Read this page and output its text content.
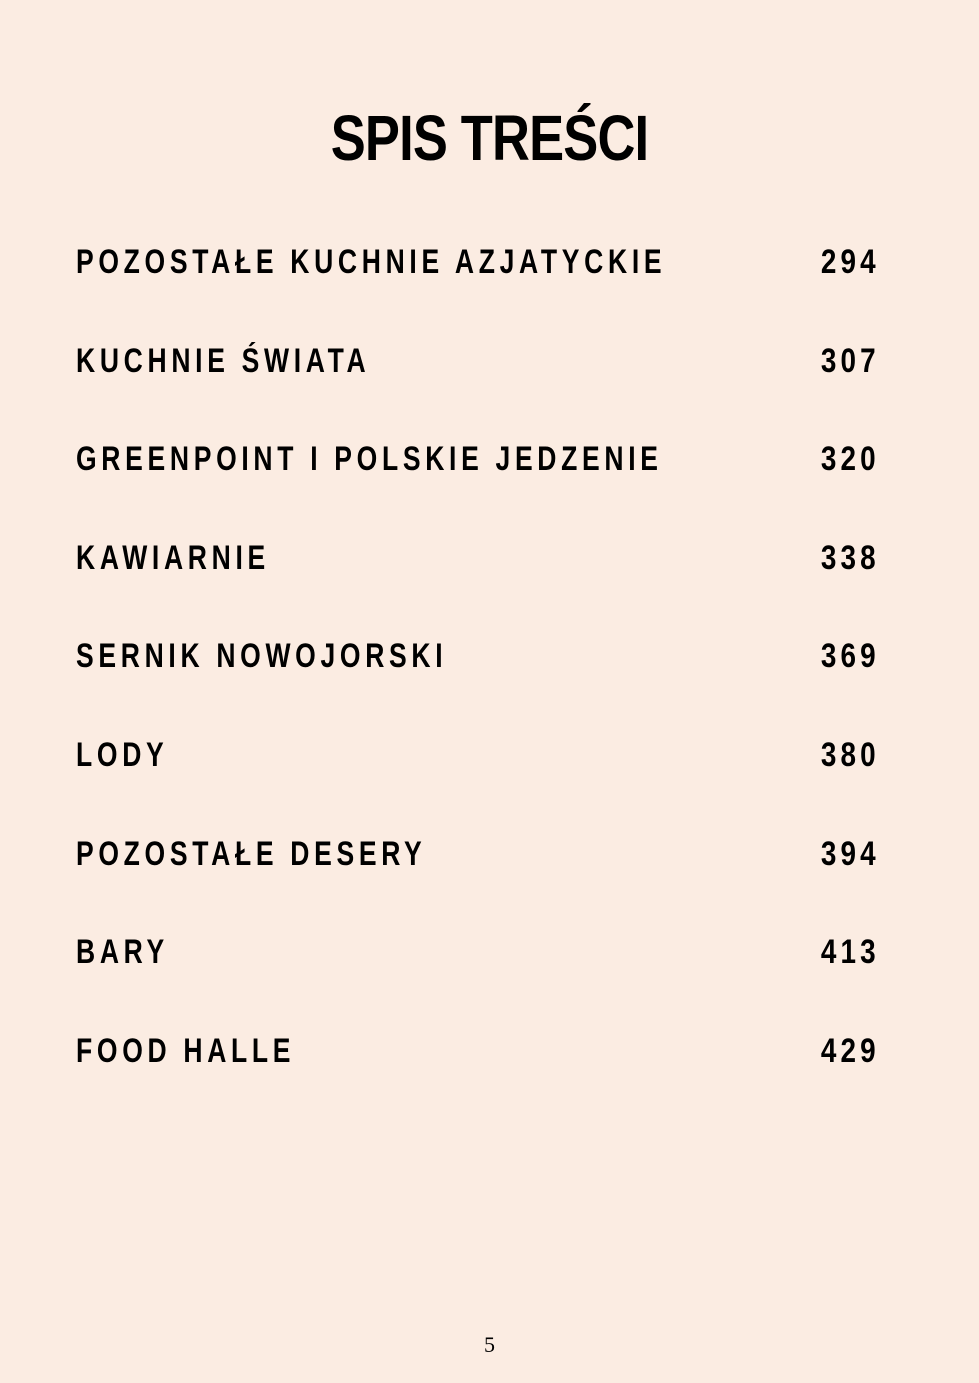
SPIS TREŚCI
POZOSTAŁE KUCHNIE AZJATYCKIE	294
KUCHNIE ŚWIATA	307
GREENPOINT I POLSKIE JEDZENIE	320
KAWIARNIE	338
SERNIK NOWOJORSKI	369
LODY	380
POZOSTAŁE DESERY	394
BARY	413
FOOD HALLE	429
5
